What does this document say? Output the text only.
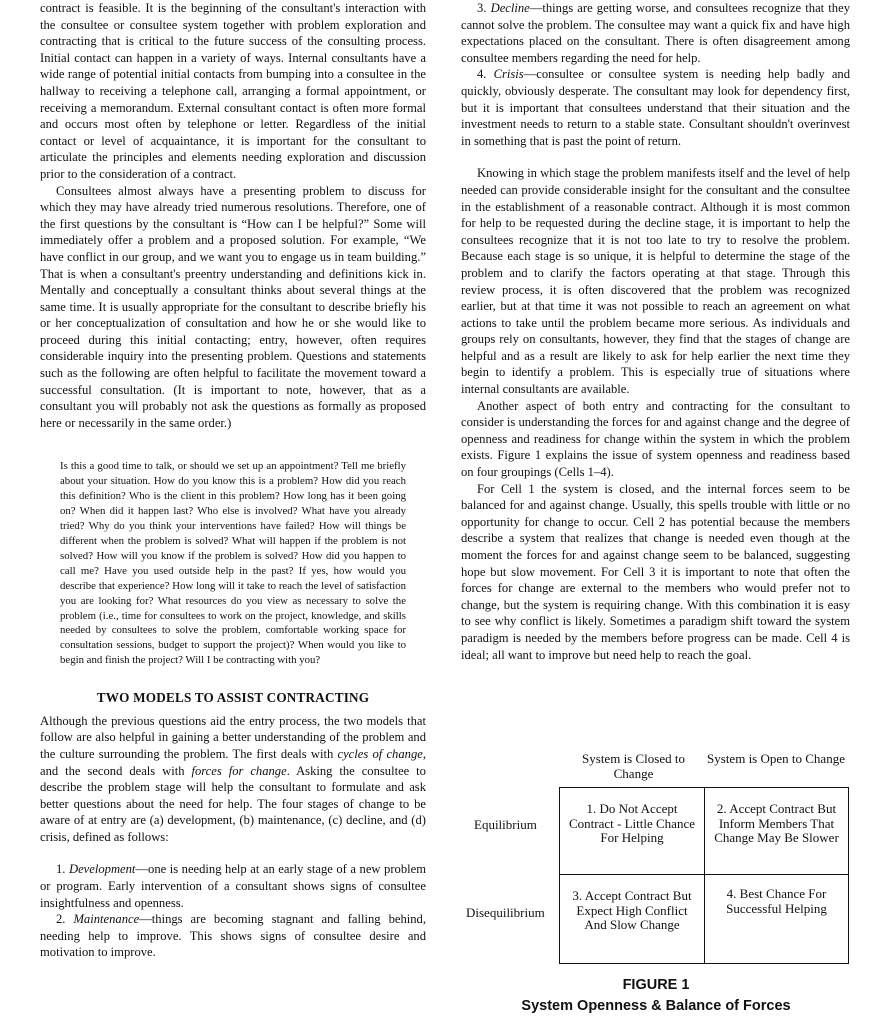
contract is feasible. It is the beginning of the consultant's interaction with the consultee or consultee system together with problem exploration and contracting that is critical to the future success of the consulting process. Initial contact can happen in a variety of ways. Internal consultants have a wide range of potential initial contacts from bumping into a consultee in the hallway to receiving a telephone call, arranging a formal appointment, or receiving a memorandum. External consultant contact is often more formal and occurs most often by telephone or letter. Regardless of the initial contact or level of acquaintance, it is important for the consultant to articulate the principles and elements needing exploration and discussion prior to the consideration of a contract.

Consultees almost always have a presenting problem to discuss for which they may have already tried numerous resolutions. Therefore, one of the first questions by the consultant is “How can I be helpful?” Some will immediately offer a problem and a proposed solution. For example, “We have conflict in our group, and we want you to engage us in team building.” That is when a consultant's preentry understanding and definitions kick in. Mentally and conceptually a consultant thinks about several things at the same time. It is usually appropriate for the consultant to describe briefly his or her conceptualization of consultation and how he or she would like to proceed during this initial contacting; entry, however, often requires considerable inquiry into the presenting problem. Questions and statements such as the following are often helpful to facilitate the movement toward a successful consultation. (It is important to note, however, that as a consultant you will probably not ask the questions as formally as proposed here or necessarily in the same order.)

Is this a good time to talk, or should we set up an appointment? Tell me briefly about your situation. How do you know this is a problem? How did you reach this definition? Who is the client in this problem? How long has it been going on? When did it happen last? Who else is involved? What have you already tried? Why do you think your interventions have failed? How will things be different when the problem is solved? What will happen if the problem is not solved? How will you know if the problem is solved? How did you happen to call me? Have you used outside help in the past? If yes, how would you describe that experience? How long will it take to reach the level of satisfaction you are looking for? What resources do you view as necessary to solve the problem (i.e., time for consultees to work on the project, knowledge, and skills needed by consultees to solve the problem, comfortable working space for consultation sessions, budget to support the project)? When would you like to begin and finish the project? Will I be contracting with you?
TWO MODELS TO ASSIST CONTRACTING

Although the previous questions aid the entry process, the two models that follow are also helpful in gaining a better understanding of the problem and the culture surrounding the problem. The first deals with cycles of change, and the second deals with forces for change. Asking the consultee to describe the problem stage will help the consultant to formulate and ask better questions about the need for help. The four stages of change to be aware of at entry are (a) development, (b) maintenance, (c) decline, and (d) crisis, defined as follows:

1. Development—one is needing help at an early stage of a new problem or program. Early intervention of a consultant shows signs of consultee insightfulness and openness.

2. Maintenance—things are becoming stagnant and falling behind, needing help to improve. This shows signs of consultee desire and motivation to improve.

3. Decline—things are getting worse, and consultees recognize that they cannot solve the problem. The consultee may want a quick fix and have high expectations placed on the consultant. There is often disagreement among consultee members regarding the need for help.

4. Crisis—consultee or consultee system is needing help badly and quickly, obviously desperate. The consultant may look for dependency first, but it is important that consultees understand that their situation and the investment needs to return to a stable state. Consultant shouldn't overinvest in something that is past the point of return.

Knowing in which stage the problem manifests itself and the level of help needed can provide considerable insight for the consultant and the consultee in the establishment of a reasonable contract. Although it is most common for help to be requested during the decline stage, it is important to help the consultees recognize that it is not too late to try to resolve the problem. Because each stage is so unique, it is helpful to determine the stage of the problem and to clarify the factors operating at that stage. Through this review process, it is often discovered that the problem was recognized earlier, but at that time it was not possible to reach an agreement on what actions to take until the problem became more serious. As individuals and groups rely on consultants, however, they find that the stages of change are helpful and as a result are likely to ask for help earlier the next time they begin to identify a problem. This is especially true of situations where internal consultants are available.

Another aspect of both entry and contracting for the consultant to consider is understanding the forces for and against change and the degree of openness and readiness for change within the system in which the problem exists. Figure 1 explains the issue of system openness and readiness based on four groupings (Cells 1–4).

For Cell 1 the system is closed, and the internal forces seem to be balanced for and against change. Usually, this spells trouble with little or no opportunity for change to occur. Cell 2 has potential because the members describe a system that realizes that change is needed even though at the moment the forces for and against change seem to be balanced, suggesting hope but slow movement. For Cell 3 it is important to note that often the forces for change are external to the members who would prefer not to change, but the system is requiring change. With this combination it is easy to see why conflict is likely. Sometimes a paradigm shift toward the system paradigm is needed by the members before progress can be made. Cell 4 is ideal; all want to improve but need help to reach the goal.

System is Closed to Change
System is Open to Change
Equilibrium
Disequilibrium
1. Do Not Accept Contract - Little Chance For Helping
2. Accept Contract But Inform Members That Change May Be Slower
3. Accept Contract But Expect High Conflict And Slow Change
4. Best Chance For Successful Helping
FIGURE 1
System Openness & Balance of Forces
